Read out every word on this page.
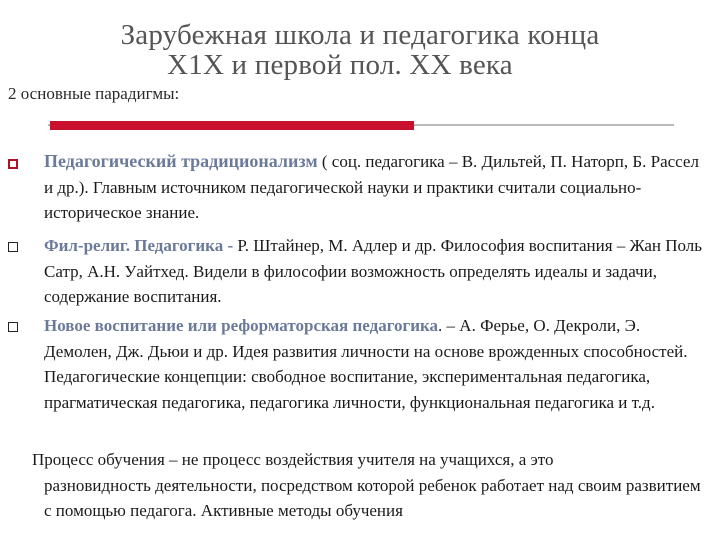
Зарубежная школа и педагогика конца

Х1Х и первой пол. ХХ века
2 основные парадигмы:
Педагогический традиционализм ( соц. педагогика – В. Дильтей, П. Наторп, Б. Рассел и др.). Главным источником педагогической науки и практики считали социально-историческое знание.
Фил-религ. Педагогика - Р. Штайнер, М. Адлер и др. Философия воспитания – Жан Поль Сатр, А.Н. Уайтхед. Видели в философии возможность определять идеалы и задачи, содержание воспитания.
Новое воспитание или реформаторская педагогика. – А. Ферье, О. Декроли, Э. Демолен, Дж. Дьюи и др. Идея развития личности на основе врожденных способностей. Педагогические концепции: свободное воспитание, экспериментальная педагогика, прагматическая педагогика, педагогика личности, функциональная педагогика и т.д.
Процесс обучения – не процесс воздействия учителя на учащихся, а это
разновидность деятельности, посредством которой ребенок работает над своим развитием с помощью педагога. Активные методы обучения
